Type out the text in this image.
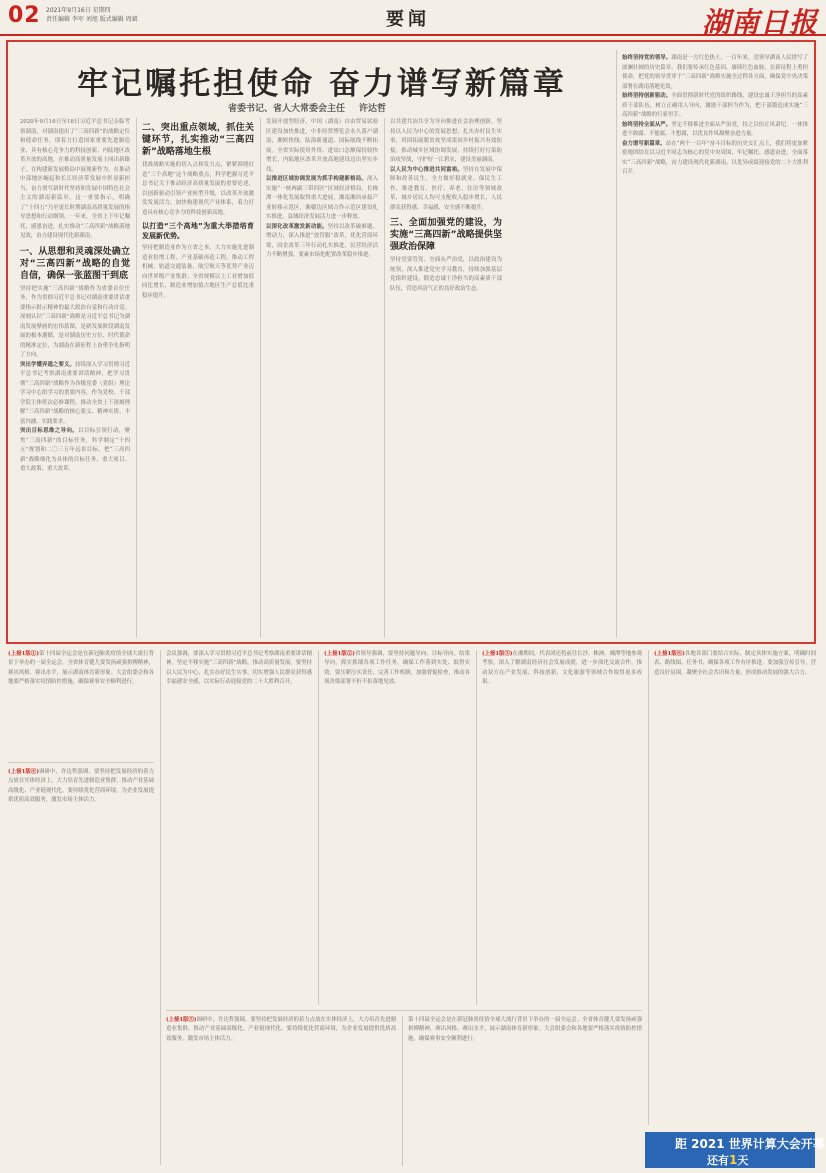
02 2021年9月16日 星期四
责任编辑 李军 刘旭 版式编辑 周斌	要闻	湖南日报
牢记嘱托担使命 奋力谱写新篇章
省委书记、省人大常委会主任 许达哲
2020年9月16日至18日习近平总书记亲临考察湖南，对湖南提出了“三高四新”的战略定位和使命任务，即着力打造国家重要先进制造业、具有核心竞争力的科技创新、内陆地区改革开放的高地，在推动高质量发展上闯出新路子，在构建新发展格局中展现新作为，在推动中部地区崛起和长江经济带发展中彰显新担当，奋力谱写新时代坚持和发展中国特色社会主义的湖南新篇章。这一重要指示，明确了“十四五”乃至更长时期湖南高质量发展的指导思想和行动纲领。一年来，全省上下牢记嘱托、感恩奋进，扎实推动“三高四新”战略落地见效，奋力建设现代化新湖南。
一、从思想和灵魂深处确立对“三高四新”战略的自觉自信，确保一张蓝图干到底
坚持把实施“三高四新”战略作为省委首位任务，作为贯彻习近平总书记对湖南重要讲话重要指示批示精神的最大政治自觉和行动自觉。深刻认识“三高四新”战略是习近平总书记为湖南发展擘画的宏伟蓝图，是新发展阶段湖南发展的根本遵循，是对湖南历史方位、时代使命的精准定位，为湖南在新征程上奋勇争先指明了方向。
突出学懂弄通之要义。持续深入学习贯彻习近平总书记考察湖南重要讲话精神，把学习贯彻“三高四新”战略作为各级党委（党组）理论学习中心组学习的重要内容，作为党校、干部学院主体班次必修课程，推动全省上下深刻理解“三高四新”战略的核心要义、精神实质、丰富内涵、实践要求。
突出目标思维之导向。以目标引领行动，聚焦“三高四新”的目标任务，科学制定“十四五”规划和二〇三五年远景目标，把“三高四新”战略细化为具体的目标任务、重大项目、重大政策、重大改革。
二、突出重点领域，抓住关键环节，扎实推动“三高四新”战略落地生根
找准战略实施的切入点和发力点，紧紧围绕打造“三个高地”这个战略重点，科学把握习近平总书记关于推动经济高质量发展的重要论述，以创新驱动引领产业转型升级，以改革开放激发发展活力，加快构建现代产业体系，着力打造具有核心竞争力的科技创新高地。
以打造“三个高地”为重大举措培育发展新优势。
坚持把制造业作为立省之本，大力实施先进制造业倍增工程、产业基础再造工程，推动工程机械、轨道交通装备、航空航天等优势产业迈向世界级产业集群。全省规模以上工业增加值同比增长，制造业增加值占地区生产总值比重稳步提升。
发展开放型经济，中国（湖南）自由贸易试验区建设加快推进，中非经贸博览会永久落户湖南，湘欧快线、陆海新通道、国际航线不断拓展。全省实际使用外资、进出口总额保持较快增长，内陆地区改革开放高地建设迈出坚实步伐。
以推进区域协调发展为抓手构建新格局。深入实施“一核两副三带四区”区域经济格局，长株潭一体化发展取得重大进展，湘南湘西承接产业转移示范区、湘赣边区域合作示范区建设扎实推进，县域经济发展活力进一步释放。
以深化改革激发新动能。坚持以改革破难题、增动力，深入推进“放管服”改革，优化营商环境，国企改革三年行动扎实推进，民营经济活力不断增强，要素市场化配置改革稳步推进。
以共建共治共享为导向推进社会治理创新。坚持以人民为中心的发展思想，扎实办好民生实事，巩固拓展脱贫攻坚成果同乡村振兴有效衔接，推动城乡区域协调发展，持续打好污染防治攻坚战，守护好一江碧水，建设美丽湖南。
以人民为中心推进共同富裕。坚持在发展中保障和改善民生，全力做好稳就业、保民生工作，推进教育、医疗、养老、住房等领域改革，城乡居民人均可支配收入稳步增长，人民群众获得感、幸福感、安全感不断提升。
三、全面加强党的建设，为实施“三高四新”战略提供坚强政治保障
坚持党要管党、全面从严治党，以政治建设为统领，深入推进党史学习教育，持续加强基层党组织建设，锻造忠诚干净担当的高素质干部队伍，营造风清气正的良好政治生态。
始终坚持党的领导。湖南是一方红色热土，一百年来，党领导湖南人民谱写了波澜壮阔的历史篇章。我们要传承红色基因，赓续红色血脉，在新征程上勇担使命，把党的领导贯穿于“三高四新”战略实施全过程各方面，确保党中央决策部署在湖南落地见效。
始终坚持创新驱动。全面贯彻新时代党的组织路线，建设忠诚干净担当的高素质干部队伍，树立正确用人导向，激励干部担当作为，把干部锻造成实施“三高四新”战略的行家里手。
始终坚持全面从严。坚定不移推进全面从严治党，持之以恒正风肃纪，一体推进不敢腐、不能腐、不想腐，以优良作风凝聚奋进力量。
奋力谱写新篇章。站在“两个一百年”奋斗目标的历史交汇点上，我们将更加紧密地团结在以习近平同志为核心的党中央周围，牢记嘱托、感恩奋进，全面落实“三高四新”战略，奋力建设现代化新湖南，以优异成绩迎接党的二十大胜利召开。
(上接1版①)第十四届全运会是在新冠肺炎疫情全球大流行背景下举办的一届全运会。全省体育健儿要发扬顽强拼搏精神，赛出风格、赛出水平，展示湖南体育新形象。大会组委会和各地要严格落实疫情防控措施，确保赛事安全顺利进行。
(上接1版④)调研中，许达哲强调，要坚持把发展经济的着力点放在实体经济上，大力培育先进制造业集群，推动产业基础高级化、产业链现代化。要持续优化营商环境，为企业发展提供优质高效服务，激发市场主体活力。
会议强调，要深入学习贯彻习近平总书记考察湖南重要讲话精神，坚定不移实施“三高四新”战略，推动高质量发展。要坚持以人民为中心，扎实办好民生实事，切实增强人民群众获得感幸福感安全感，以实际行动迎接党的二十大胜利召开。
(上接1版②)省领导强调，要坚持问题导向、目标导向、结果导向，抓实抓细各项工作任务，确保工作落到实处、取得实效。要压紧压实责任，完善工作机制，加强督促检查，推动各项决策部署不折不扣落地见效。
(上接1版③)在湘期间，代表团还将前往长沙、株洲、湘潭等地参观考察，深入了解湖南经济社会发展成就，进一步深化交流合作，推动双方在产业发展、科技创新、文化旅游等领域合作取得更多成果。
(上接1版⑥)各地各部门要结合实际，制定具体实施方案，明确时间表、路线图、任务书，确保各项工作有序推进。要加强宣传引导，营造良好氛围，凝聚全社会共识和力量，形成推动发展的强大合力。
(上接1版⑤)调研中，许达哲强调，要坚持把发展经济的着力点放在实体经济上，大力培育先进制造业集群，推动产业基础高级化、产业链现代化。要持续优化营商环境，为企业发展提供优质高效服务，激发市场主体活力。
第十四届全运会是在新冠肺炎疫情全球大流行背景下举办的一届全运会。全省体育健儿要发扬顽强拼搏精神，赛出风格、赛出水平，展示湖南体育新形象。大会组委会和各地要严格落实疫情防控措施，确保赛事安全顺利进行。
距 2021 世界计算大会开幕
还有1天
